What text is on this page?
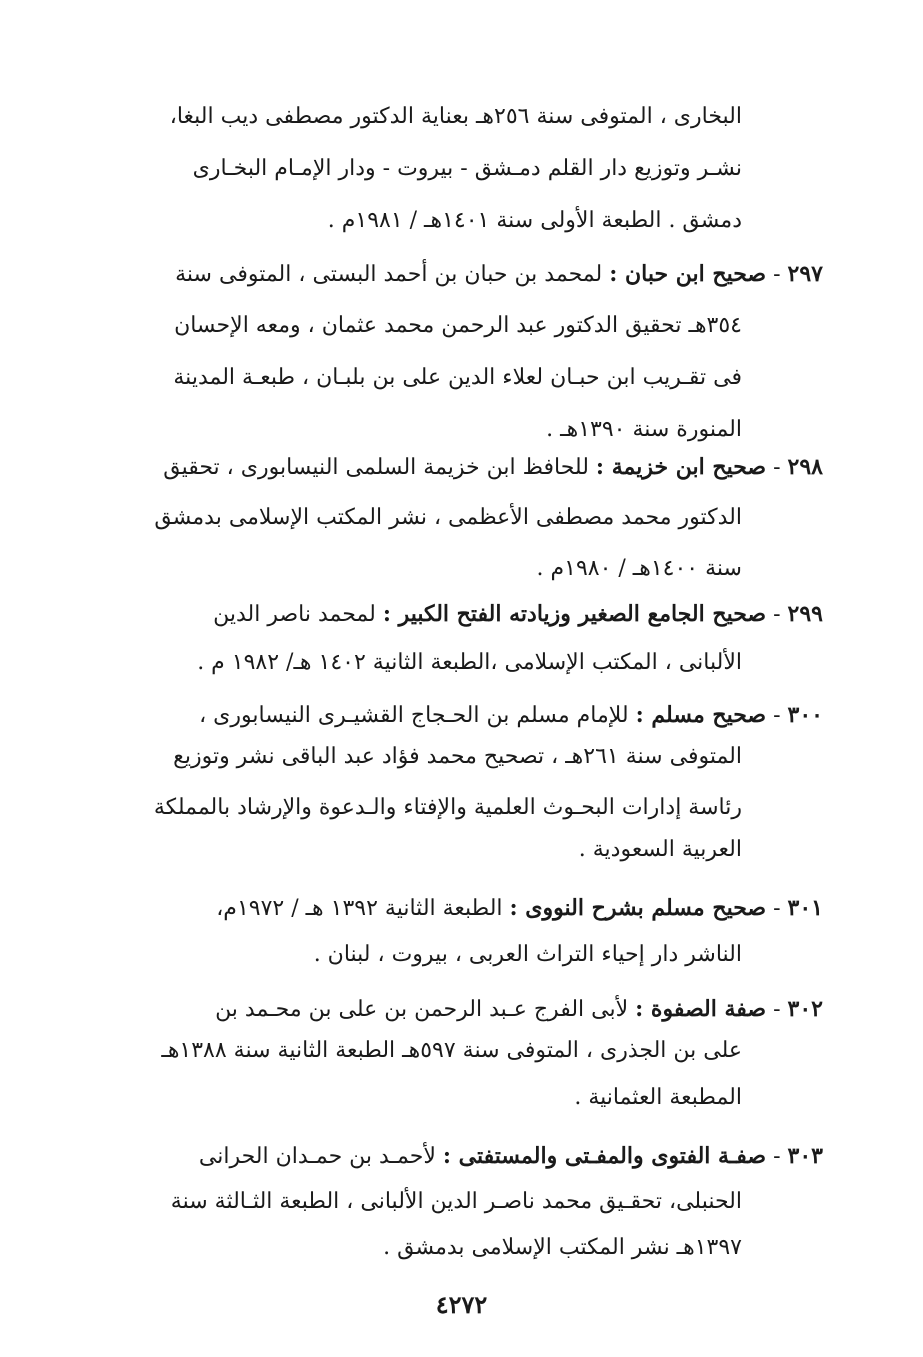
البخارى ، المتوفى سنة ٢٥٦هـ بعناية الدكتور مصطفى ديب البغا،
نشـر وتوزيع دار القلم دمـشق - بيروت - ودار الإمـام البخـارى
دمشق . الطبعة الأولى سنة ١٤٠١هـ / ١٩٨١م .
٢٩٧ - صحيح ابن حبان : لمحمد بن حبان بن أحمد البستى ، المتوفى سنة
٣٥٤هـ تحقيق الدكتور عبد الرحمن محمد عثمان ، ومعه الإحسان
فى تقـريب ابن حبـان لعلاء الدين على بن بلبـان ، طبعـة المدينة
المنورة سنة ١٣٩٠هـ .
٢٩٨ - صحيح ابن خزيمة : للحافظ ابن خزيمة السلمى النيسابورى ، تحقيق
الدكتور محمد مصطفى الأعظمى ، نشر المكتب الإسلامى بدمشق
سنة ١٤٠٠هـ / ١٩٨٠م .
٢٩٩ - صحيح الجامع الصغير وزيادته الفتح الكبير : لمحمد ناصر الدين
الألبانى ، المكتب الإسلامى ،الطبعة الثانية ١٤٠٢ هـ/ ١٩٨٢ م .
٣٠٠ - صحيح مسلم : للإمام مسلم بن الحـجاج القشيـرى النيسابورى ،
المتوفى سنة ٢٦١هـ ، تصحيح محمد فؤاد عبد الباقى نشر وتوزيع
رئاسة إدارات البحـوث العلمية والإفتاء والـدعوة والإرشاد بالمملكة
العربية السعودية .
٣٠١ - صحيح مسلم بشرح النووى : الطبعة الثانية ١٣٩٢ هـ / ١٩٧٢م،
الناشر دار إحياء التراث العربى ، بيروت ، لبنان .
٣٠٢ - صفة الصفوة : لأبى الفرج عـبد الرحمن بن على بن محـمد بن
على بن الجذرى ، المتوفى سنة ٥٩٧هـ الطبعة الثانية سنة ١٣٨٨هـ
المطبعة العثمانية .
٣٠٣ - صفـة الفتوى والمفـتى والمستفتى : لأحمـد بن حمـدان الحرانى
الحنبلى، تحقـيق محمد ناصـر الدين الألبانى ، الطبعة الثـالثة سنة
١٣٩٧هـ نشر المكتب الإسلامى بدمشق .
٤٢٧٢
